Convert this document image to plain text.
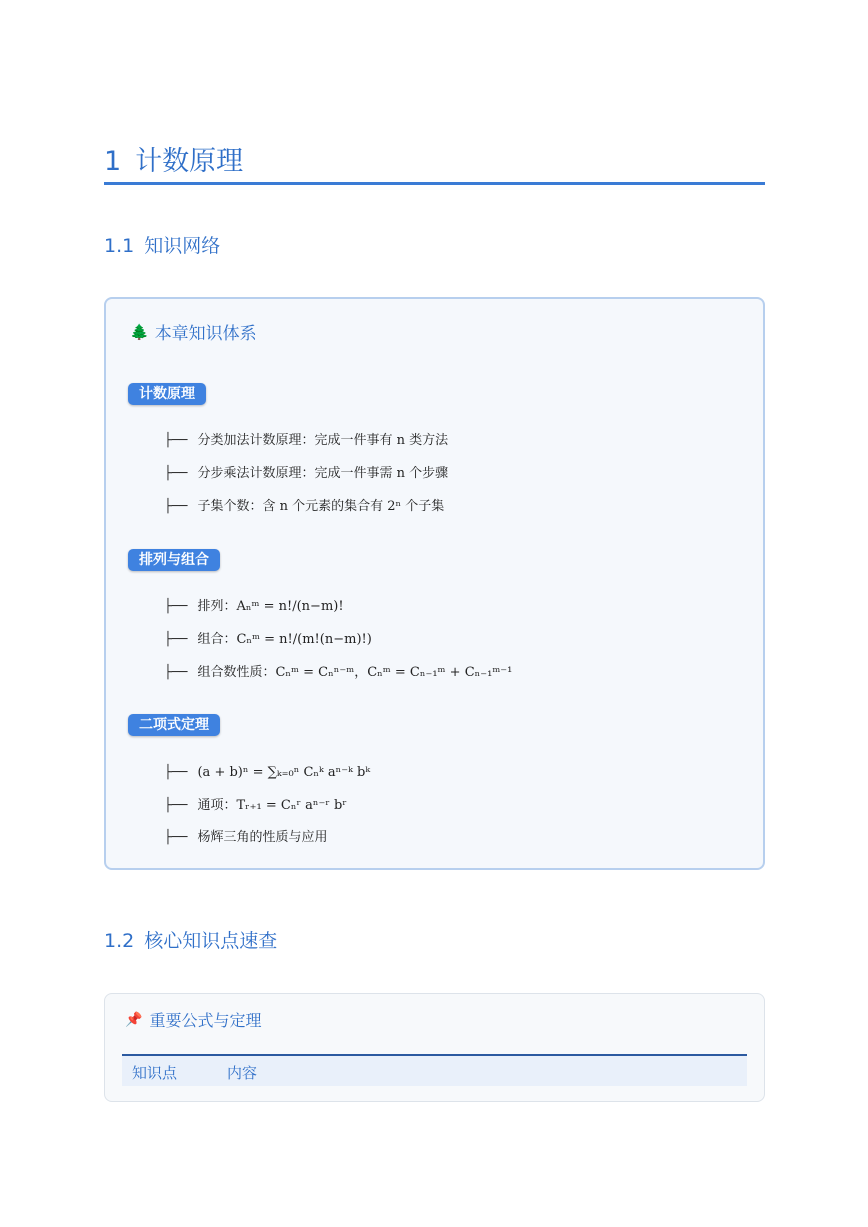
1 计数原理
1.1 知识网络
🌲 本章知识体系
计数原理
├── 分类加法计数原理：完成一件事有 n 类方法
├── 分步乘法计数原理：完成一件事需 n 个步骤
├── 子集个数：含 n 个元素的集合有 2ⁿ 个子集
排列与组合
├── 排列：Aₙᵐ = n!/(n−m)!
├── 组合：Cₙᵐ = n!/(m!(n−m)!)
├── 组合数性质：Cₙᵐ = Cₙⁿ⁻ᵐ，Cₙᵐ = Cₙ₋₁ᵐ + Cₙ₋₁ᵐ⁻¹
二项式定理
├── (a + b)ⁿ = ∑ₖ₌₀ⁿ Cₙᵏ aⁿ⁻ᵏ bᵏ
├── 通项：Tᵣ₊₁ = Cₙʳ aⁿ⁻ʳ bʳ
├── 杨辉三角的性质与应用
1.2 核心知识点速查
📌 重要公式与定理
知识点	内容
